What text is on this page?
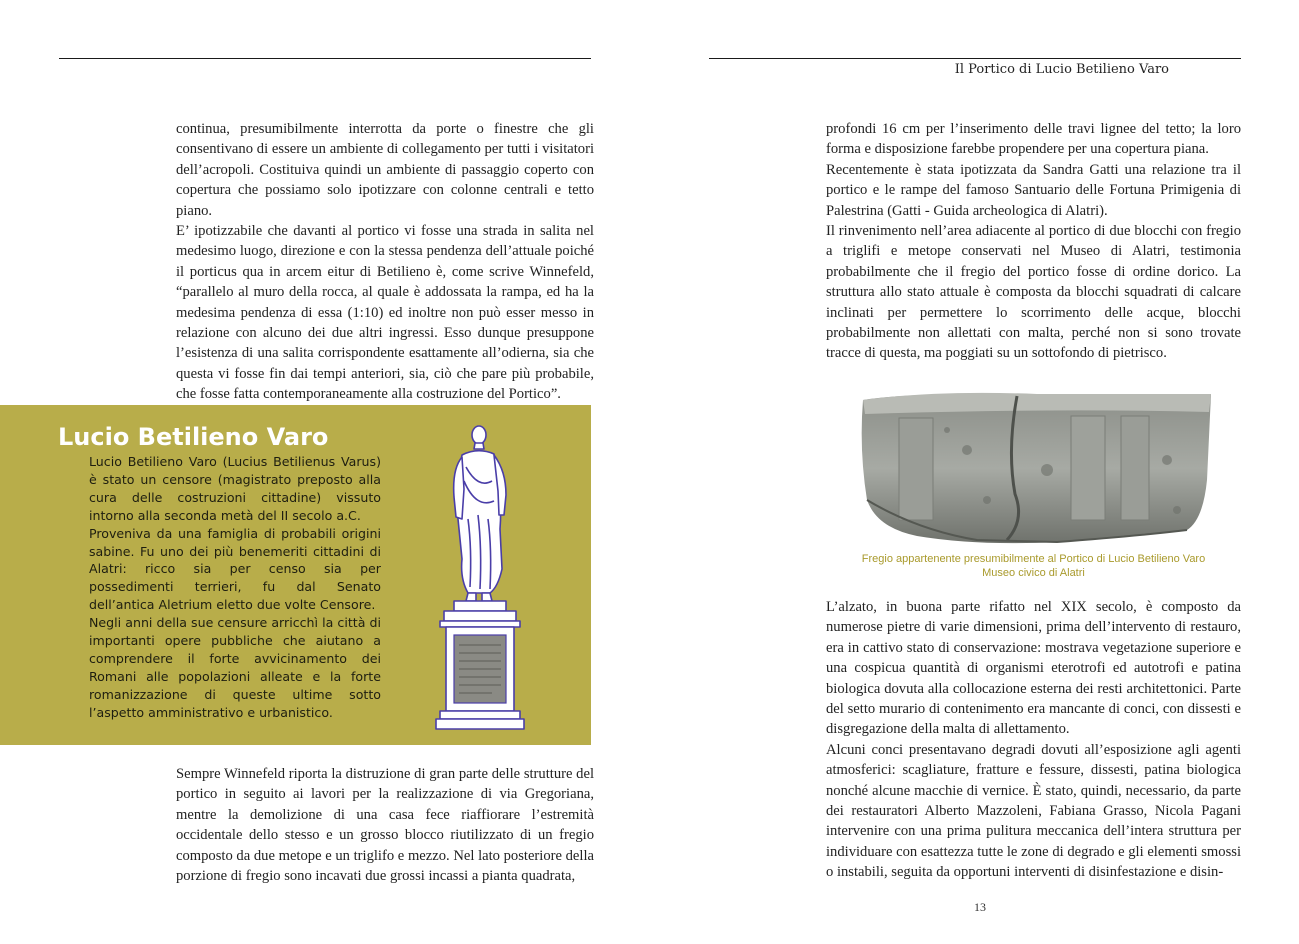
Il Portico di Lucio Betilieno Varo

continua, presumibilmente interrotta da porte o finestre che gli consentivano di essere un ambiente di collegamento per tutti i visitatori dell’acropoli. Costituiva quindi un ambiente di passaggio coperto con copertura che possiamo solo ipotizzare con colonne centrali e tetto piano.

E’ ipotizzabile che davanti al portico vi fosse una strada in salita nel medesimo luogo, direzione e con la stessa pendenza dell’attuale poiché il porticus qua in arcem eitur di Betilieno è, come scrive Winnefeld, “parallelo al muro della rocca, al quale è addossata la rampa, ed ha la medesima pendenza di essa (1:10) ed inoltre non può esser messo in relazione con alcuno dei due altri ingressi. Esso dunque presuppone l’esistenza di una salita corrispondente esattamente all’odierna, sia che questa vi fosse fin dai tempi anteriori, sia, ciò che pare più probabile, che fosse fatta contemporaneamente alla costruzione del Portico”.

Lucio Betilieno Varo

Lucio Betilieno Varo (Lucius Betilienus Varus) è stato un censore (magistrato preposto alla cura delle costruzioni cittadine) vissuto intorno alla seconda metà del II secolo a.C.

Proveniva da una famiglia di probabili origini sabine. Fu uno dei più benemeriti cittadini di Alatri: ricco sia per censo sia per possedimenti terrieri, fu dal Senato dell’antica Aletrium eletto due volte Censore.

Negli anni della sue censure arricchì la città di importanti opere pubbliche che aiutano a comprendere il forte avvicinamento dei Romani alle popolazioni alleate e la forte romanizzazione di queste ultime sotto l’aspetto amministrativo e urbanistico.

Sempre Winnefeld riporta la distruzione di gran parte delle strutture del portico in seguito ai lavori per la realizzazione di via Gregoriana, mentre la demolizione di una casa fece riaffiorare l’estremità occidentale dello stesso e un grosso blocco riutilizzato di un fregio composto da due metope e un triglifo e mezzo. Nel lato posteriore della porzione di fregio sono incavati due grossi incassi a pianta quadrata,

profondi 16 cm per l’inserimento delle travi lignee del tetto; la loro forma e disposizione farebbe propendere per una copertura piana.

Recentemente è stata ipotizzata da Sandra Gatti una relazione tra il portico e le rampe del famoso Santuario delle Fortuna Primigenia di Palestrina (Gatti - Guida archeologica di Alatri).

Il rinvenimento nell’area adiacente al portico di due blocchi con fregio a triglifi e metope conservati nel Museo di Alatri, testimonia probabilmente che il fregio del portico fosse di ordine dorico. La struttura allo stato attuale è composta da blocchi squadrati di calcare inclinati per permettere lo scorrimento delle acque, blocchi probabilmente non allettati con malta, perché non si sono trovate tracce di questa, ma poggiati su un sottofondo di pietrisco.

Fregio appartenente presumibilmente al Portico di Lucio Betilieno Varo
Museo civico di Alatri

L’alzato, in buona parte rifatto nel XIX secolo, è composto da numerose pietre di varie dimensioni, prima dell’intervento di restauro, era in cattivo stato di conservazione: mostrava vegetazione superiore e una cospicua quantità di organismi eterotrofi ed autotrofi e patina biologica dovuta alla collocazione esterna dei resti architettonici. Parte del setto murario di contenimento era mancante di conci, con dissesti e disgregazione della malta di allettamento.

Alcuni conci presentavano degradi dovuti all’esposizione agli agenti atmosferici: scagliature, fratture e fessure, dissesti, patina biologica nonché alcune macchie di vernice. È stato, quindi, necessario, da parte dei restauratori Alberto Mazzoleni, Fabiana Grasso, Nicola Pagani intervenire con una prima pulitura meccanica dell’intera struttura per individuare con esattezza tutte le zone di degrado e gli elementi smossi o instabili, seguita da opportuni interventi di disinfestazione e disin-

13
